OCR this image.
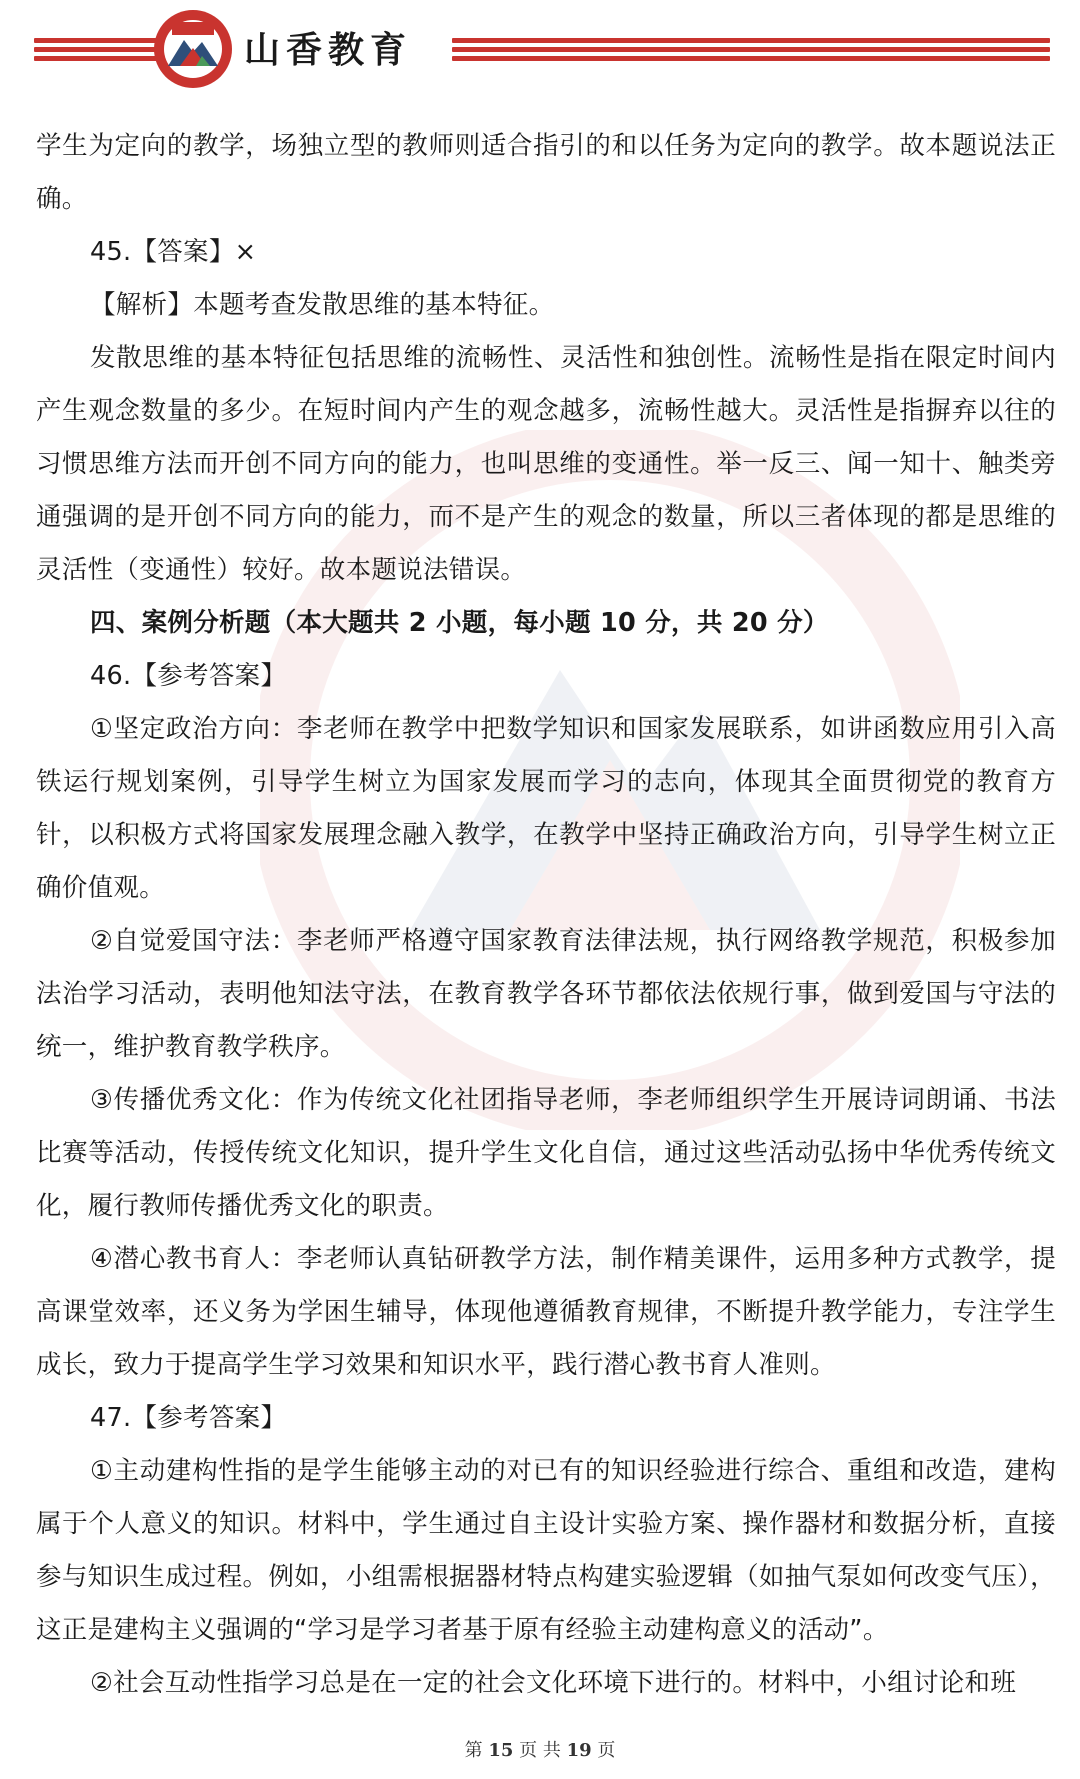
山香教育

学生为定向的教学，场独立型的教师则适合指引的和以任务为定向的教学。故本题说法正确。

45.【答案】×

【解析】本题考查发散思维的基本特征。

发散思维的基本特征包括思维的流畅性、灵活性和独创性。流畅性是指在限定时间内产生观念数量的多少。在短时间内产生的观念越多，流畅性越大。灵活性是指摒弃以往的习惯思维方法而开创不同方向的能力，也叫思维的变通性。举一反三、闻一知十、触类旁通强调的是开创不同方向的能力，而不是产生的观念的数量，所以三者体现的都是思维的灵活性（变通性）较好。故本题说法错误。

四、案例分析题（本大题共 2 小题，每小题 10 分，共 20 分）

46.【参考答案】

①坚定政治方向：李老师在教学中把数学知识和国家发展联系，如讲函数应用引入高铁运行规划案例，引导学生树立为国家发展而学习的志向，体现其全面贯彻党的教育方针，以积极方式将国家发展理念融入教学，在教学中坚持正确政治方向，引导学生树立正确价值观。

②自觉爱国守法：李老师严格遵守国家教育法律法规，执行网络教学规范，积极参加法治学习活动，表明他知法守法，在教育教学各环节都依法依规行事，做到爱国与守法的统一，维护教育教学秩序。

③传播优秀文化：作为传统文化社团指导老师，李老师组织学生开展诗词朗诵、书法比赛等活动，传授传统文化知识，提升学生文化自信，通过这些活动弘扬中华优秀传统文化，履行教师传播优秀文化的职责。

④潜心教书育人：李老师认真钻研教学方法，制作精美课件，运用多种方式教学，提高课堂效率，还义务为学困生辅导，体现他遵循教育规律，不断提升教学能力，专注学生成长，致力于提高学生学习效果和知识水平，践行潜心教书育人准则。

47.【参考答案】

①主动建构性指的是学生能够主动的对已有的知识经验进行综合、重组和改造，建构属于个人意义的知识。材料中，学生通过自主设计实验方案、操作器材和数据分析，直接参与知识生成过程。例如，小组需根据器材特点构建实验逻辑（如抽气泵如何改变气压），这正是建构主义强调的“学习是学习者基于原有经验主动建构意义的活动”。

②社会互动性指学习总是在一定的社会文化环境下进行的。材料中，小组讨论和班

第 15 页 共 19 页
